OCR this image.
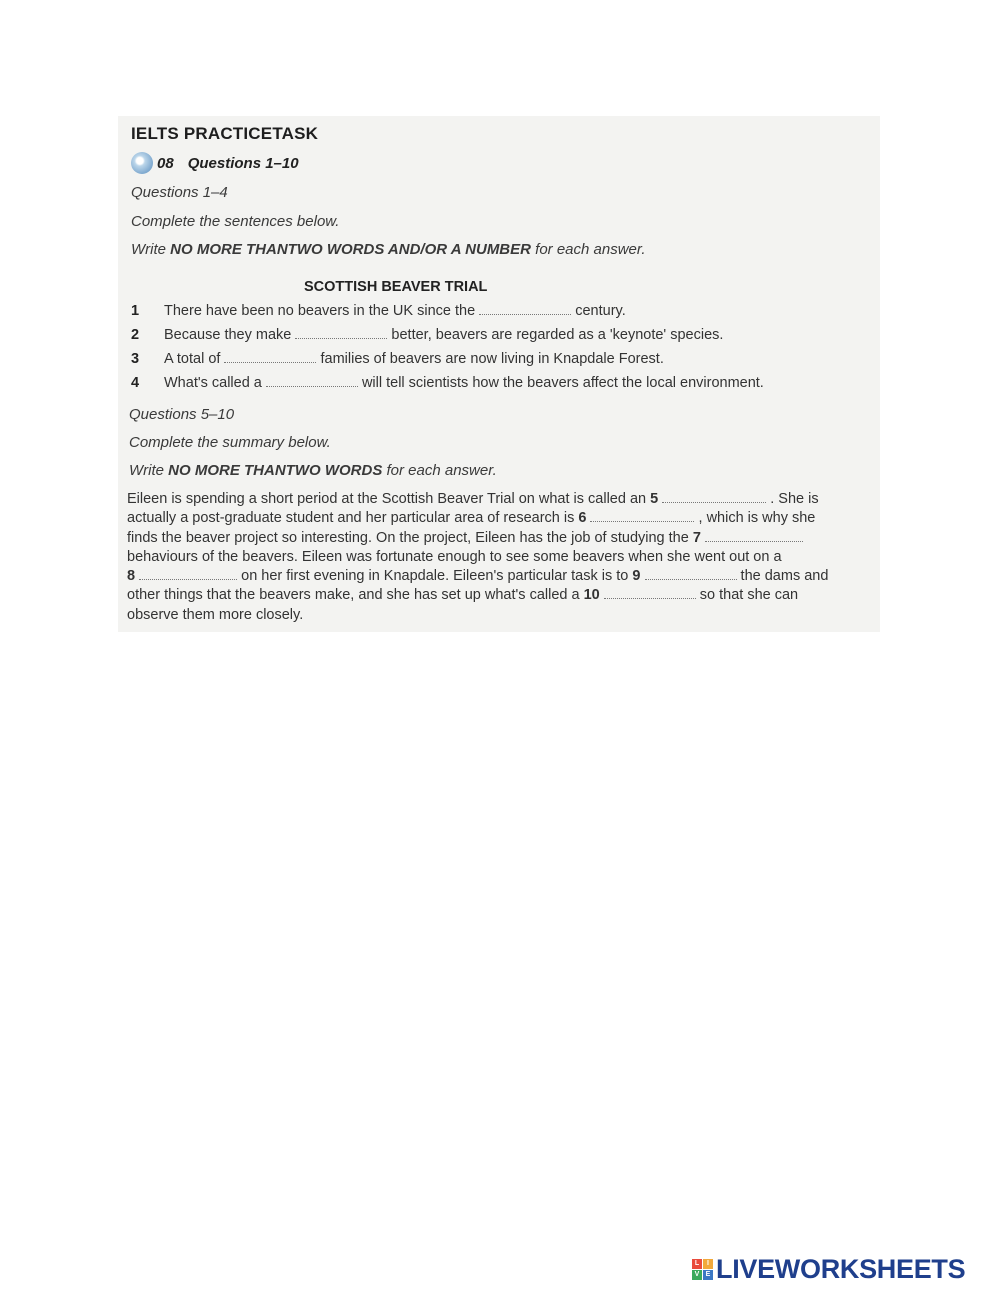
IELTS PRACTICETASK
08 Questions 1–10
Questions 1–4
Complete the sentences below.
Write NO MORE THANTWO WORDS AND/OR A NUMBER for each answer.
SCOTTISH BEAVER TRIAL
1 There have been no beavers in the UK since the	century.
2 Because they make	better, beavers are regarded as a 'keynote' species.
3 A total of	families of beavers are now living in Knapdale Forest.
4 What's called a	will tell scientists how the beavers affect the local environment.
Questions 5–10
Complete the summary below.
Write NO MORE THANTWO WORDS for each answer.
Eileen is spending a short period at the Scottish Beaver Trial on what is called an 5	. She is
actually a post-graduate student and her particular area of research is 6	, which is why she
finds the beaver project so interesting. On the project, Eileen has the job of studying the 7
behaviours of the beavers. Eileen was fortunate enough to see some beavers when she went out on a
8	on her first evening in Knapdale. Eileen's particular task is to 9	the dams and
other things that the beavers make, and she has set up what's called a 10	so that she can
observe them more closely.
L	I
V E LIVEWORKSHEETS
